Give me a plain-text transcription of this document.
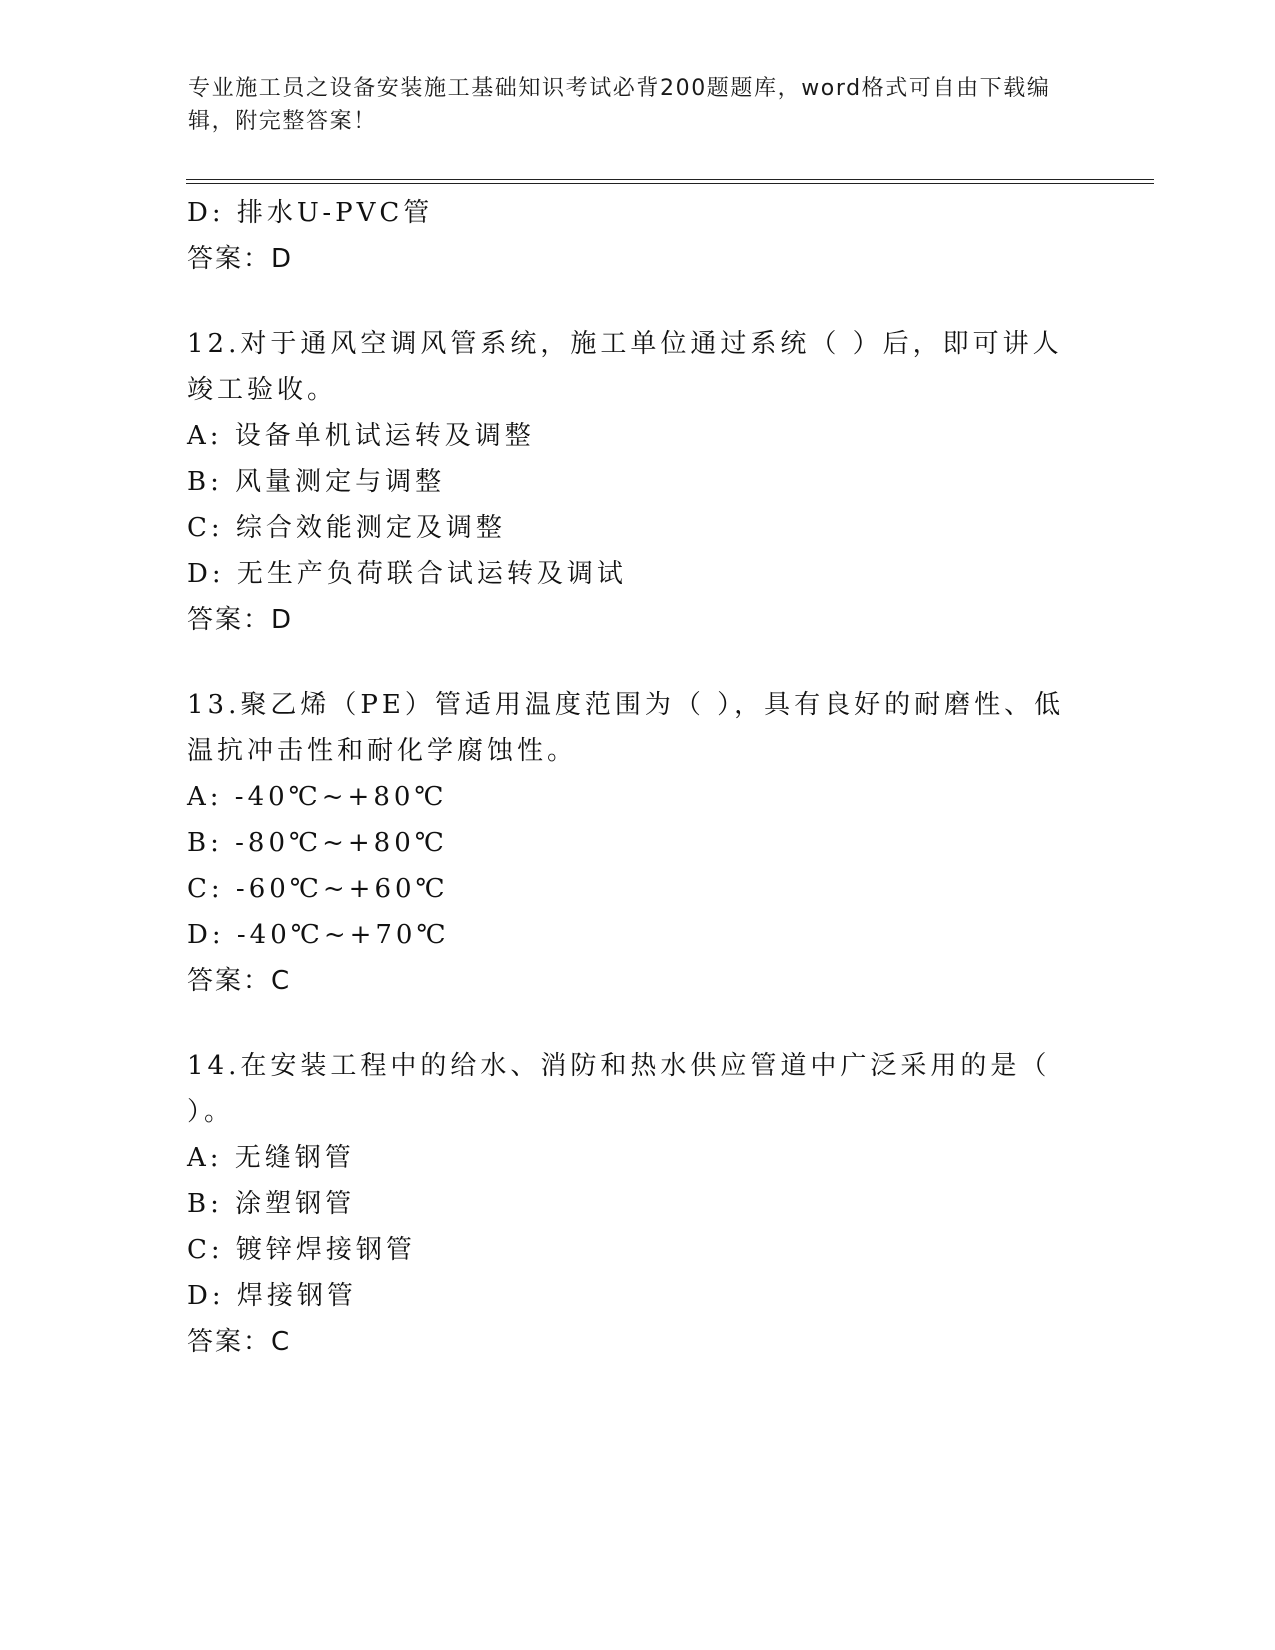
专业施工员之设备安装施工基础知识考试必背200题题库，word格式可自由下载编辑，附完整答案！
D: 排水U-PVC管
答案：D
12.对于通风空调风管系统，施工单位通过系统（ ）后，即可讲人竣工验收。
A: 设备单机试运转及调整
B: 风量测定与调整
C: 综合效能测定及调整
D: 无生产负荷联合试运转及调试
答案：D
13.聚乙烯（PE）管适用温度范围为（ ），具有良好的耐磨性、低温抗冲击性和耐化学腐蚀性。
A: -40℃~+80℃
B: -80℃~+80℃
C: -60℃~+60℃
D: -40℃~+70℃
答案：C
14.在安装工程中的给水、消防和热水供应管道中广泛采用的是（ ）。
A: 无缝钢管
B: 涂塑钢管
C: 镀锌焊接钢管
D: 焊接钢管
答案：C
